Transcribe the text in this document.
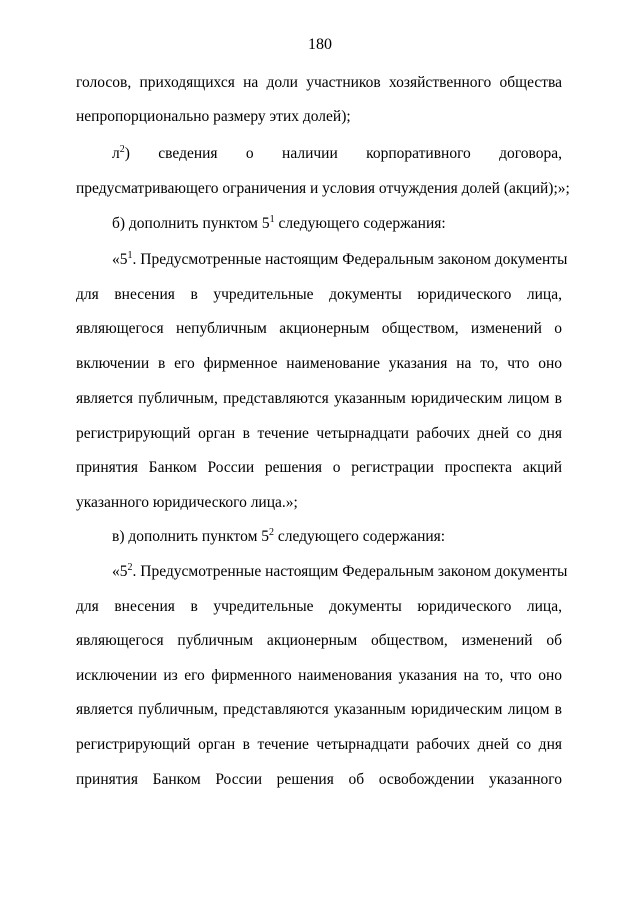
180
голосов, приходящихся на доли участников хозяйственного общества
непропорционально размеру этих долей);
$л^2$) сведения о наличии корпоративного договора,
предусматривающего ограничения и условия отчуждения долей (акций);»;
б) дополнить пунктом $5^1$ следующего содержания:
«$5^1$. Предусмотренные настоящим Федеральным законом документы
для внесения в учредительные документы юридического лица,
являющегося непубличным акционерным обществом, изменений о
включении в его фирменное наименование указания на то, что оно
является публичным, представляются указанным юридическим лицом в
регистрирующий орган в течение четырнадцати рабочих дней со дня
принятия Банком России решения о регистрации проспекта акций
указанного юридического лица.»;
в) дополнить пунктом $5^2$ следующего содержания:
«$5^2$. Предусмотренные настоящим Федеральным законом документы
для внесения в учредительные документы юридического лица,
являющегося публичным акционерным обществом, изменений об
исключении из его фирменного наименования указания на то, что оно
является публичным, представляются указанным юридическим лицом в
регистрирующий орган в течение четырнадцати рабочих дней со дня
принятия Банком России решения об освобождении указанного
